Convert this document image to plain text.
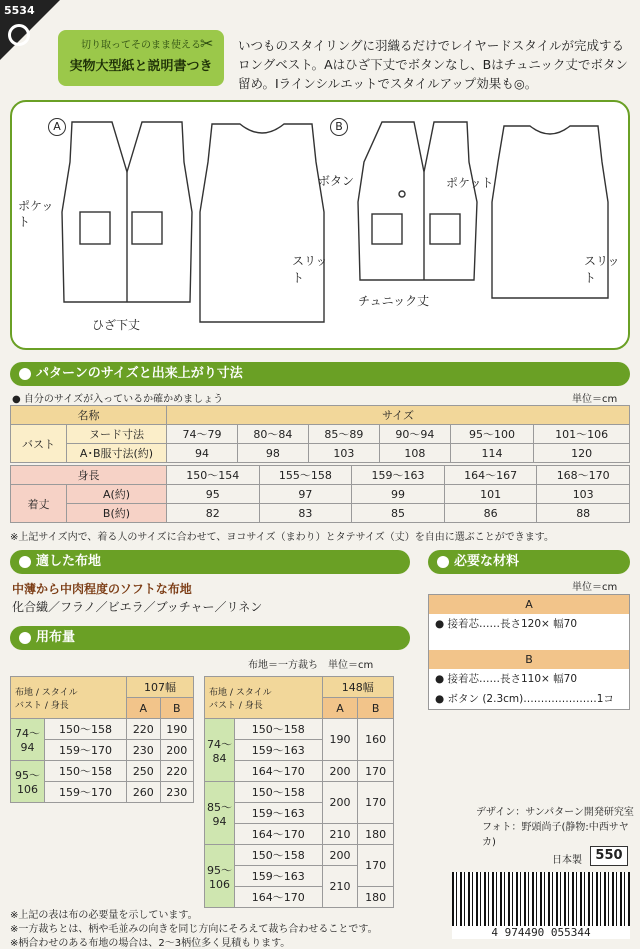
5534
切り取ってそのまま使える
実物大型紙と説明書つき
✂ いつものスタイリングに羽織るだけでレイヤードスタイルが完成するロングベスト。Aはひざ下丈でボタンなし、Bはチュニック丈でボタン留め。Iラインシルエットでスタイルアップ効果も◎。
A	B
ポケット
スリット
ひざ下丈
ボタン	ポケット
スリット
チュニック丈
パターンのサイズと出来上がり寸法
● 自分のサイズが入っているか確かめましょう	単位＝cm
名称		サイズ					
バスト	ヌード寸法	74〜79	80〜84	85〜89	90〜94	95〜100	101〜106
	A･B服寸法(約)	94	98	103	108	114	120
身長		150〜154	155〜158	159〜163	164〜167	168〜170
着丈	A(約)	95	97	99	101	103
	B(約)	82	83	85	86	88
※上記サイズ内で、着る人のサイズに合わせて、ヨコサイズ（まわり）とタテサイズ（丈）を自由に選ぶことができます。
適した布地
中薄から中肉程度のソフトな布地
化合繊／フラノ／ビエラ／ブッチャー／リネン
必要な材料
単位＝cm
A
● 接着芯……長さ120× 幅70
B
● 接着芯……長さ110× 幅70
● ボタン (2.3cm)…………………1コ
用布量
布地＝一方裁ち　単位＝cm
布地 / スタイル
バスト / 身長		107幅	
		A	B
74〜94	150〜158	220	190
	159〜170	230	200
95〜106	150〜158	250	220
	159〜170	260	230
布地 / スタイル
バスト / 身長		148幅	
		A	B
74〜84	150〜158	190	160
	159〜163		
	164〜170	200	170
85〜94	150〜158	200	170
	159〜163		
	164〜170	210	180
95〜106	150〜158	200	170
	159〜163	210	
	164〜170		180
デザイン：サンパターン開発研究室
フォト：野頭尚子(静物:中西サヤカ)
日本製	550
※上記の表は布の必要量を示しています。
※一方裁ちとは、柄や毛並みの向きを同じ方向にそろえて裁ち合わせることです。
※柄合わせのある布地の場合は、2〜3柄位多く見積もります。
4 974490 055344
